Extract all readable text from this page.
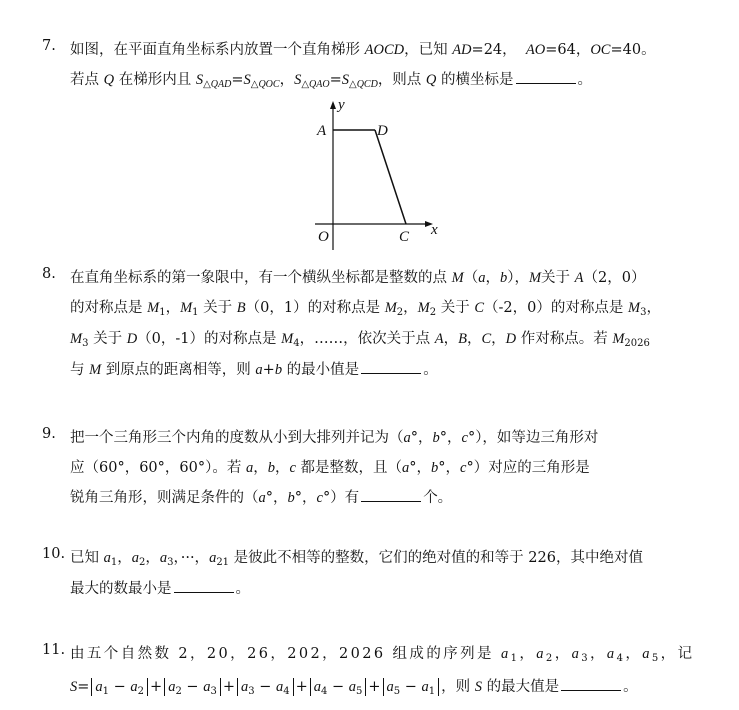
7. 如图，在平面直角坐标系内放置一个直角梯形 AOCD，已知 AD=24，  AO=64，OC=40。
若点 Q 在梯形内且 $S_{\triangle QAD}=S_{\triangle QOC}$，$S_{\triangle QAO}=S_{\triangle QCD}$，则点 Q 的横坐标是	。
y
x
A	D
O	C
8. 在直角坐标系的第一象限中，有一个横纵坐标都是整数的点 M（a，b），M关于 A（2，0）
的对称点是 $M_1$，$M_1$ 关于 B（0，1）的对称点是 $M_2$，$M_2$ 关于 C（-2，0）的对称点是 $M_3$，
$M_3$ 关于 D（0，-1）的对称点是 $M_4$，……，依次关于点 A，B，C，D 作对称点。若 $M_{2026}$
与 M 到原点的距离相等，则 a+b 的最小值是	。
9. 把一个三角形三个内角的度数从小到大排列并记为（a°，b°，c°），如等边三角形对
应（60°，60°，60°）。若 a，b，c 都是整数，且（a°，b°，c°）对应的三角形是
锐角三角形，则满足条件的（a°，b°，c°）有	个。
10. 已知 $a_1$，$a_2$，$a_3$，···，$a_{21}$ 是彼此不相等的整数，它们的绝对值的和等于 226，其中绝对值
最大的数最小是	。
11. 由五个自然数 2，20，26，202，2026 组成的序列是 $a_1$，$a_2$，$a_3$，$a_4$，$a_5$，记
$S= a_1 - a_2 + a_2 - a_3 + a_3 - a_4 + a_4 - a_5 + a_5 - a_1$ ，则 S 的最大值是	。
